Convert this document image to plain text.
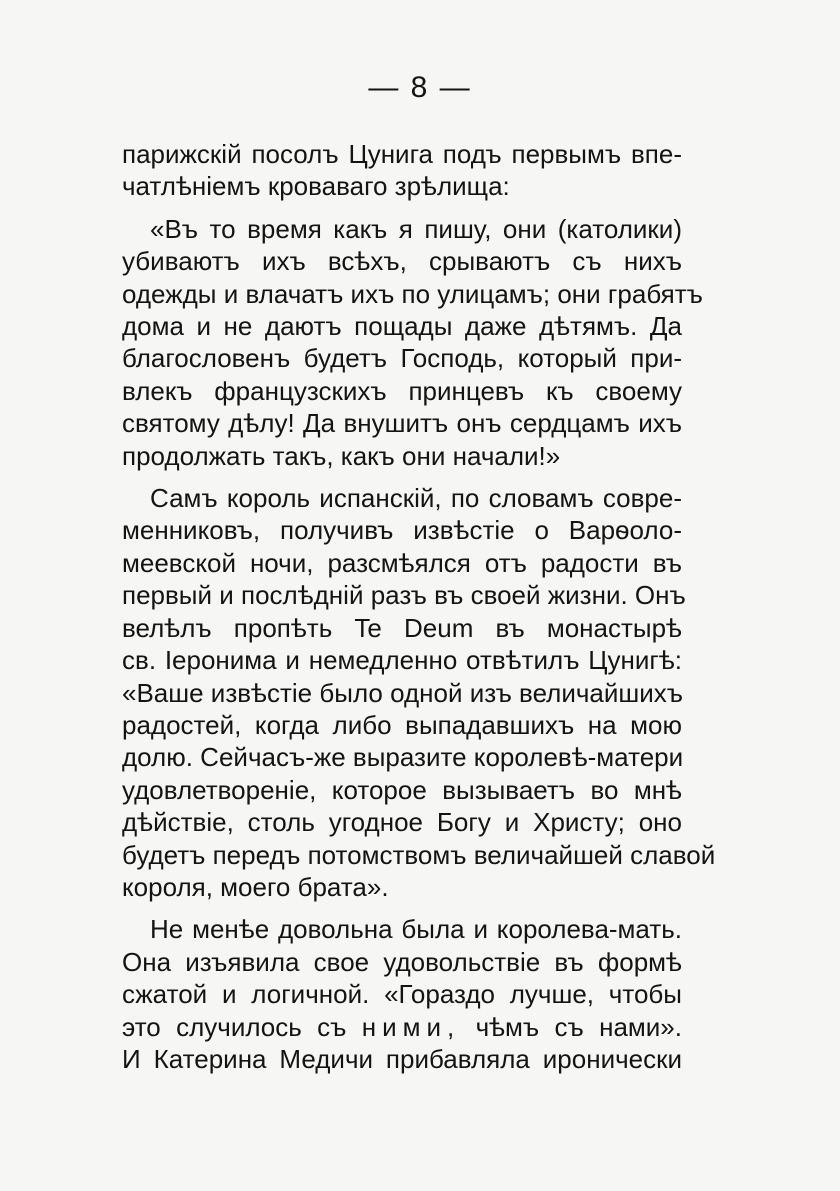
— 8 —
парижскій посолъ Цунига подъ первымъ впе-
чатлѣніемъ кроваваго зрѣлища:
«Въ то время какъ я пишу, они (католики)
убиваютъ ихъ всѣхъ, срываютъ съ нихъ
одежды и влачатъ ихъ по улицамъ; они грабятъ
дома и не даютъ пощады даже дѣтямъ. Да
благословенъ будетъ Господь, который при-
влекъ французскихъ принцевъ къ своему
святому дѣлу! Да внушитъ онъ сердцамъ ихъ
продолжать такъ, какъ они начали!»
Самъ король испанскій, по словамъ совре-
менниковъ, получивъ извѣстіе о Варѳоло-
меевской ночи, разсмѣялся отъ радости въ
первый и послѣдній разъ въ своей жизни. Онъ
велѣлъ пропѣть Te Deum въ монастырѣ
св. Іеронима и немедленно отвѣтилъ Цунигѣ:
«Ваше извѣстіе было одной изъ величайшихъ
радостей, когда либо выпадавшихъ на мою
долю. Сейчасъ-же выразите королевѣ-матери
удовлетвореніе, которое вызываетъ во мнѣ
дѣйствіе, столь угодное Богу и Христу; оно
будетъ передъ потомствомъ величайшей славой
короля, моего брата».
Не менѣе довольна была и королева-мать.
Она изъявила свое удовольствіе въ формѣ
сжатой и логичной. «Гораздо лучше, чтобы
это случилось съ ними, чѣмъ съ нами».
И Катерина Медичи прибавляла иронически
